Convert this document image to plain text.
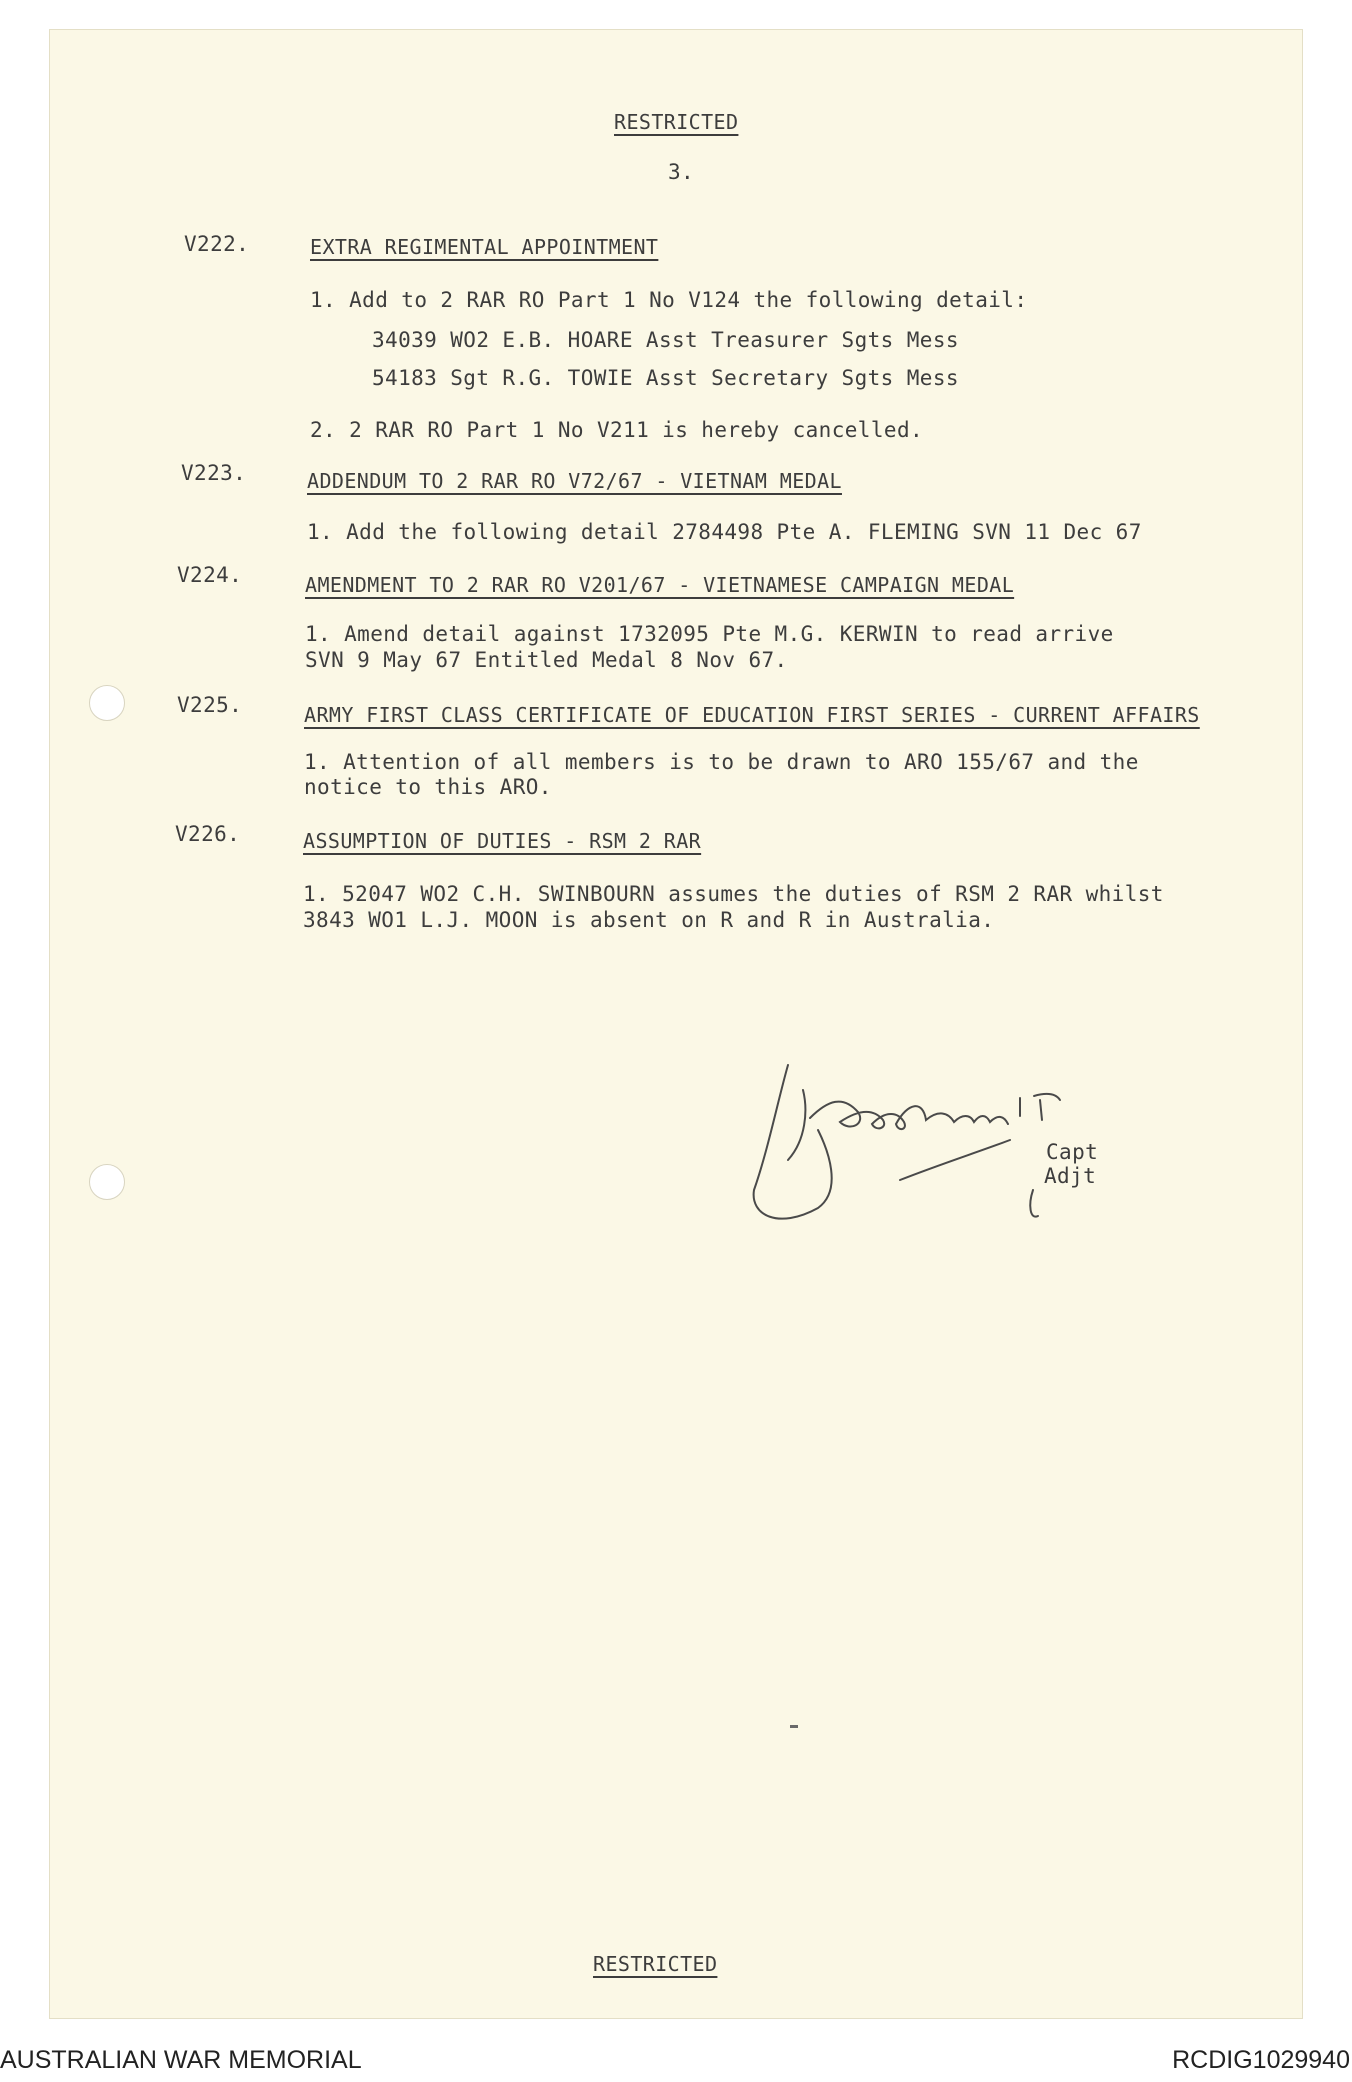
RESTRICTED
3.
V222.	EXTRA REGIMENTAL APPOINTMENT
1. Add to 2 RAR RO Part 1 No V124 the following detail:
34039 WO2 E.B. HOARE Asst Treasurer Sgts Mess
54183 Sgt R.G. TOWIE Asst Secretary Sgts Mess
2. 2 RAR RO Part 1 No V211 is hereby cancelled.
V223.	ADDENDUM TO 2 RAR RO V72/67 - VIETNAM MEDAL
1. Add the following detail 2784498 Pte A. FLEMING SVN 11 Dec 67
V224.	AMENDMENT TO 2 RAR RO V201/67 - VIETNAMESE CAMPAIGN MEDAL
1. Amend detail against 1732095 Pte M.G. KERWIN to read arrive
SVN 9 May 67 Entitled Medal 8 Nov 67.
V225.	ARMY FIRST CLASS CERTIFICATE OF EDUCATION FIRST SERIES - CURRENT AFFAIRS
1. Attention of all members is to be drawn to ARO 155/67 and the
notice to this ARO.
V226.	ASSUMPTION OF DUTIES - RSM 2 RAR
1. 52047 WO2 C.H. SWINBOURN assumes the duties of RSM 2 RAR whilst
3843 WO1 L.J. MOON is absent on R and R in Australia.
Capt
Adjt
RESTRICTED
AUSTRALIAN WAR MEMORIAL	RCDIG1029940
